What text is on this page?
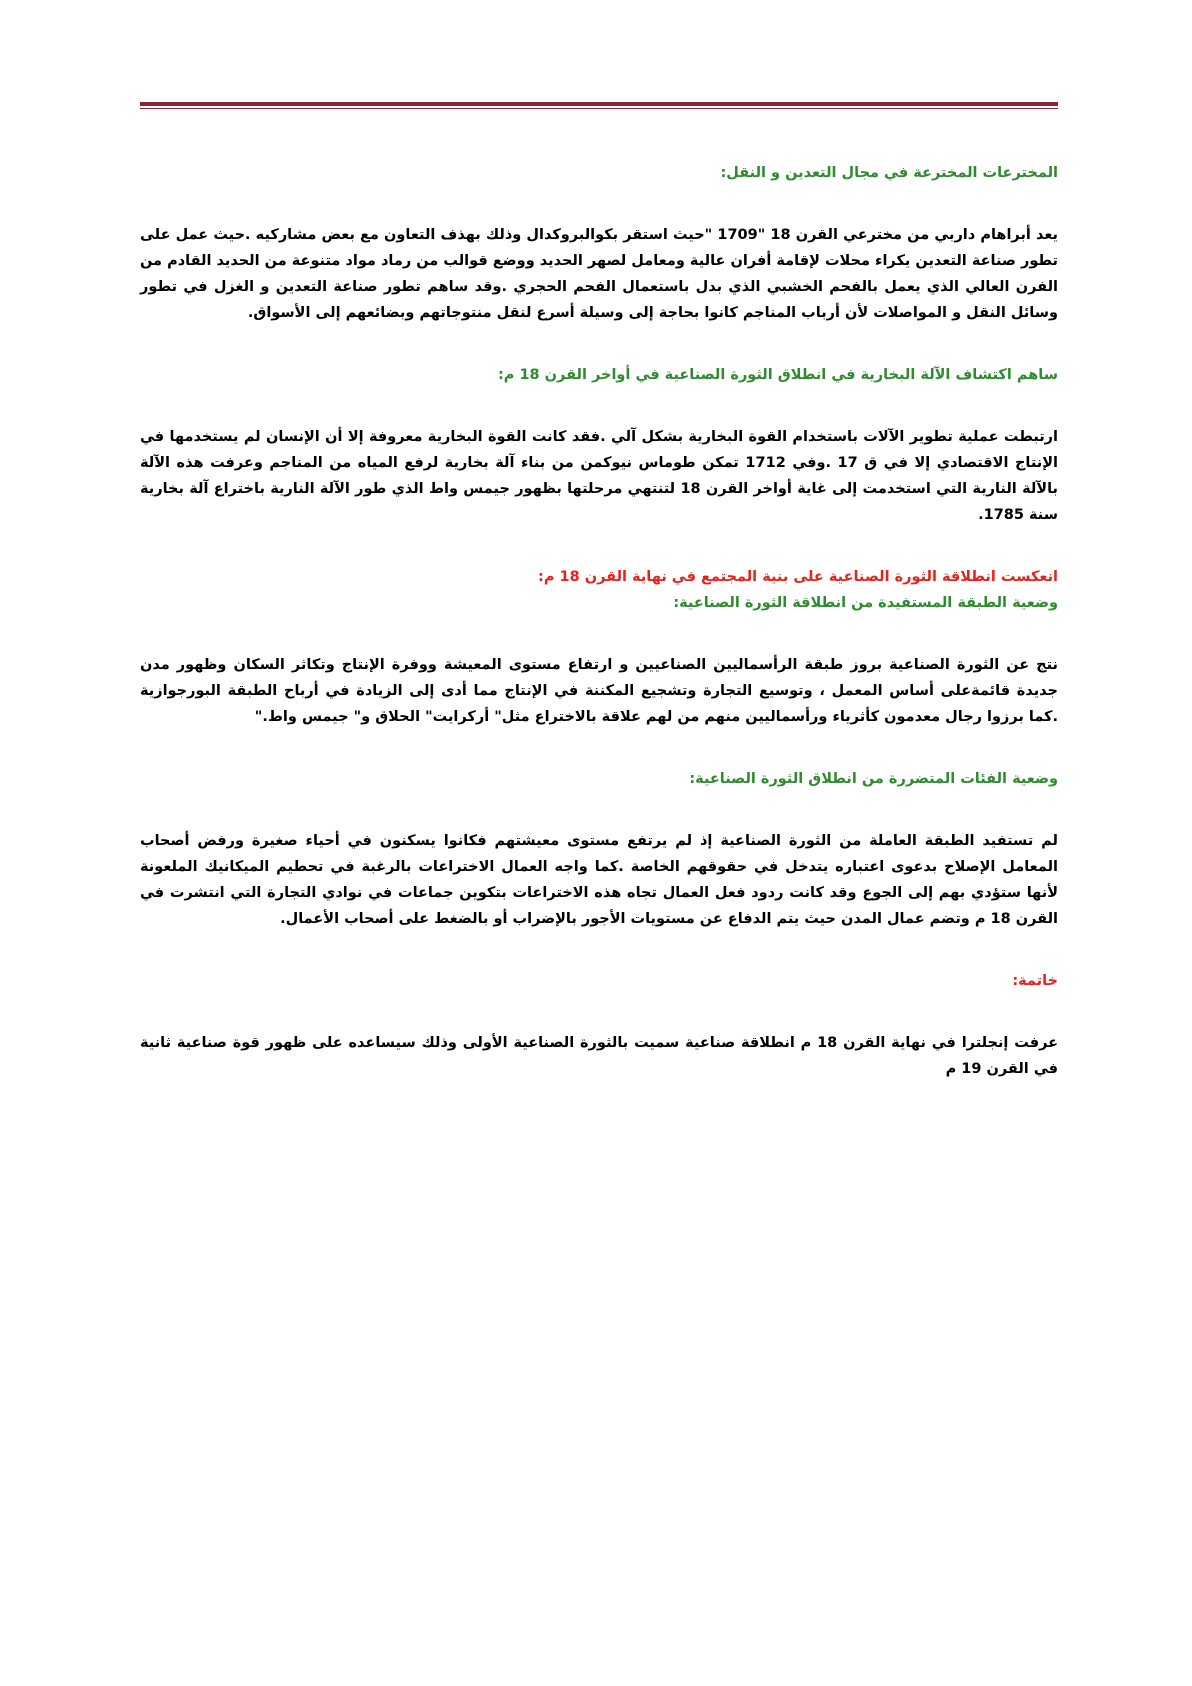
المخترعات المخترعة في مجال التعدين و النقل:

يعد أبراهام داربي من مخترعي القرن 18 "1709 "حيث استقر بكوالبروكدال وذلك بهذف التعاون مع بعض مشاركيه .حيث عمل على تطور صناعة التعدين يكراء محلات لإقامة أفران عالية ومعامل لصهر الحديد ووضع قوالب من رماد مواد متنوعة من الحديد القادم من الفرن العالي الذي يعمل بالفحم الخشبي الذي بدل باستعمال الفحم الحجري .وقد ساهم تطور صناعة التعدين و الغزل في تطور وسائل النقل و المواصلات لأن أرباب المناجم كانوا بحاجة إلى وسيلة أسرع لنقل منتوجاتهم وبضائعهم إلى الأسواق.

ساهم اكتشاف الآلة البخارية في انطلاق الثورة الصناعية في أواخر القرن 18 م:

ارتبطت عملية تطوير الآلات باستخدام القوة البخارية بشكل آلي .فقد كانت القوة البخارية معروفة إلا أن الإنسان لم يستخدمها في الإنتاج الاقتصادي إلا في ق 17 .وفي 1712 تمكن طوماس نيوكمن من بناء آلة بخارية لرفع المياه من المناجم وعرفت هذه الآلة بالآلة النارية التي استخدمت إلى غاية أواخر القرن 18 لتنتهي مرحلتها بظهور جيمس واط الذي طور الآلة النارية باختراع آلة بخارية سنة 1785.

انعكست انطلاقة الثورة الصناعية على بنية المجتمع في نهاية القرن 18 م:
وضعية الطبقة المستفيدة من انطلاقة الثورة الصناعية:

نتج عن الثورة الصناعية بروز طبقة الرأسماليين الصناعيين و ارتفاع مستوى المعيشة ووفرة الإنتاج وتكاثر السكان وظهور مدن جديدة قائمةعلى أساس المعمل ، وتوسيع التجارة وتشجيع المكننة في الإنتاج مما أدى إلى الزيادة في أرباح الطبقة البورجوازية .كما برزوا رجال معدمون كأثرياء ورأسماليين منهم من لهم علاقة بالاختراع مثل" أركرايت" الحلاق و" جيمس واط."

وضعية الفئات المتضررة من انطلاق الثورة الصناعية:

لم تستفيد الطبقة العاملة من الثورة الصناعية إذ لم يرتفع مستوى معيشتهم فكانوا يسكنون في أحياء صغيرة ورفض أصحاب المعامل الإصلاح بدعوى اعتباره يتدخل في حقوقهم الخاصة .كما واجه العمال الاختراعات بالرغبة في تحطيم الميكانيك الملعونة لأنها ستؤدي بهم إلى الجوع وقد كانت ردود فعل العمال تجاه هذه الاختراعات بتكوين جماعات في نوادي التجارة التي انتشرت في القرن 18 م وتضم عمال المدن حيث يتم الدفاع عن مستويات الأجور بالإضراب أو بالضغط على أصحاب الأعمال.

خاتمة:

عرفت إنجلترا في نهاية القرن 18 م انطلاقة صناعية سميت بالثورة الصناعية الأولى وذلك سيساعده على ظهور قوة صناعية ثانية في القرن 19 م
